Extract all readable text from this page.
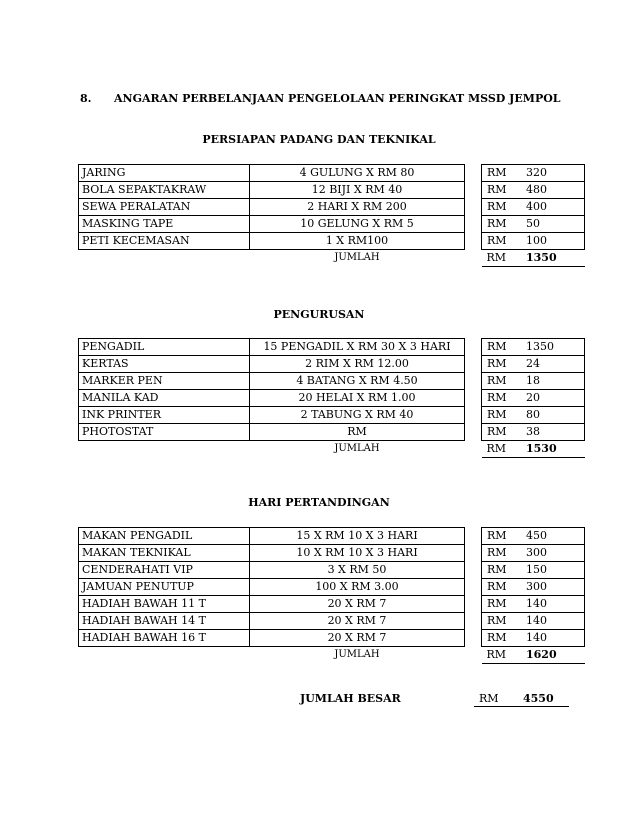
8. ANGARAN PERBELANJAAN PENGELOLAAN PERINGKAT MSSD JEMPOL
PERSIAPAN PADANG DAN TEKNIKAL
JARING	4 GULUNG X RM 80		RM	320
BOLA SEPAKTAKRAW	12 BIJI X RM 40		RM	480
SEWA PERALATAN	2 HARI X RM 200		RM	400
MASKING TAPE	10 GELUNG X RM 5		RM	50
PETI KECEMASAN	1 X RM100		RM	100
	JUMLAH		RM	1350
PENGURUSAN
PENGADIL	15 PENGADIL X RM 30 X 3 HARI		RM	1350
KERTAS	2 RIM X RM 12.00		RM	24
MARKER PEN	4 BATANG X RM 4.50		RM	18
MANILA KAD	20 HELAI X RM 1.00		RM	20
INK PRINTER	2 TABUNG X RM 40		RM	80
PHOTOSTAT	RM		RM	38
	JUMLAH		RM	1530
HARI PERTANDINGAN
MAKAN PENGADIL	15 X RM 10 X 3 HARI		RM	450
MAKAN TEKNIKAL	10 X RM 10 X 3 HARI		RM	300
CENDERAHATI VIP	3 X RM 50		RM	150
JAMUAN PENUTUP	100 X RM 3.00		RM	300
HADIAH BAWAH 11 T	20 X RM 7		RM	140
HADIAH BAWAH 14 T	20 X RM 7		RM	140
HADIAH BAWAH 16 T	20 X RM 7		RM	140
	JUMLAH		RM	1620
JUMLAH BESAR	RM	4550
